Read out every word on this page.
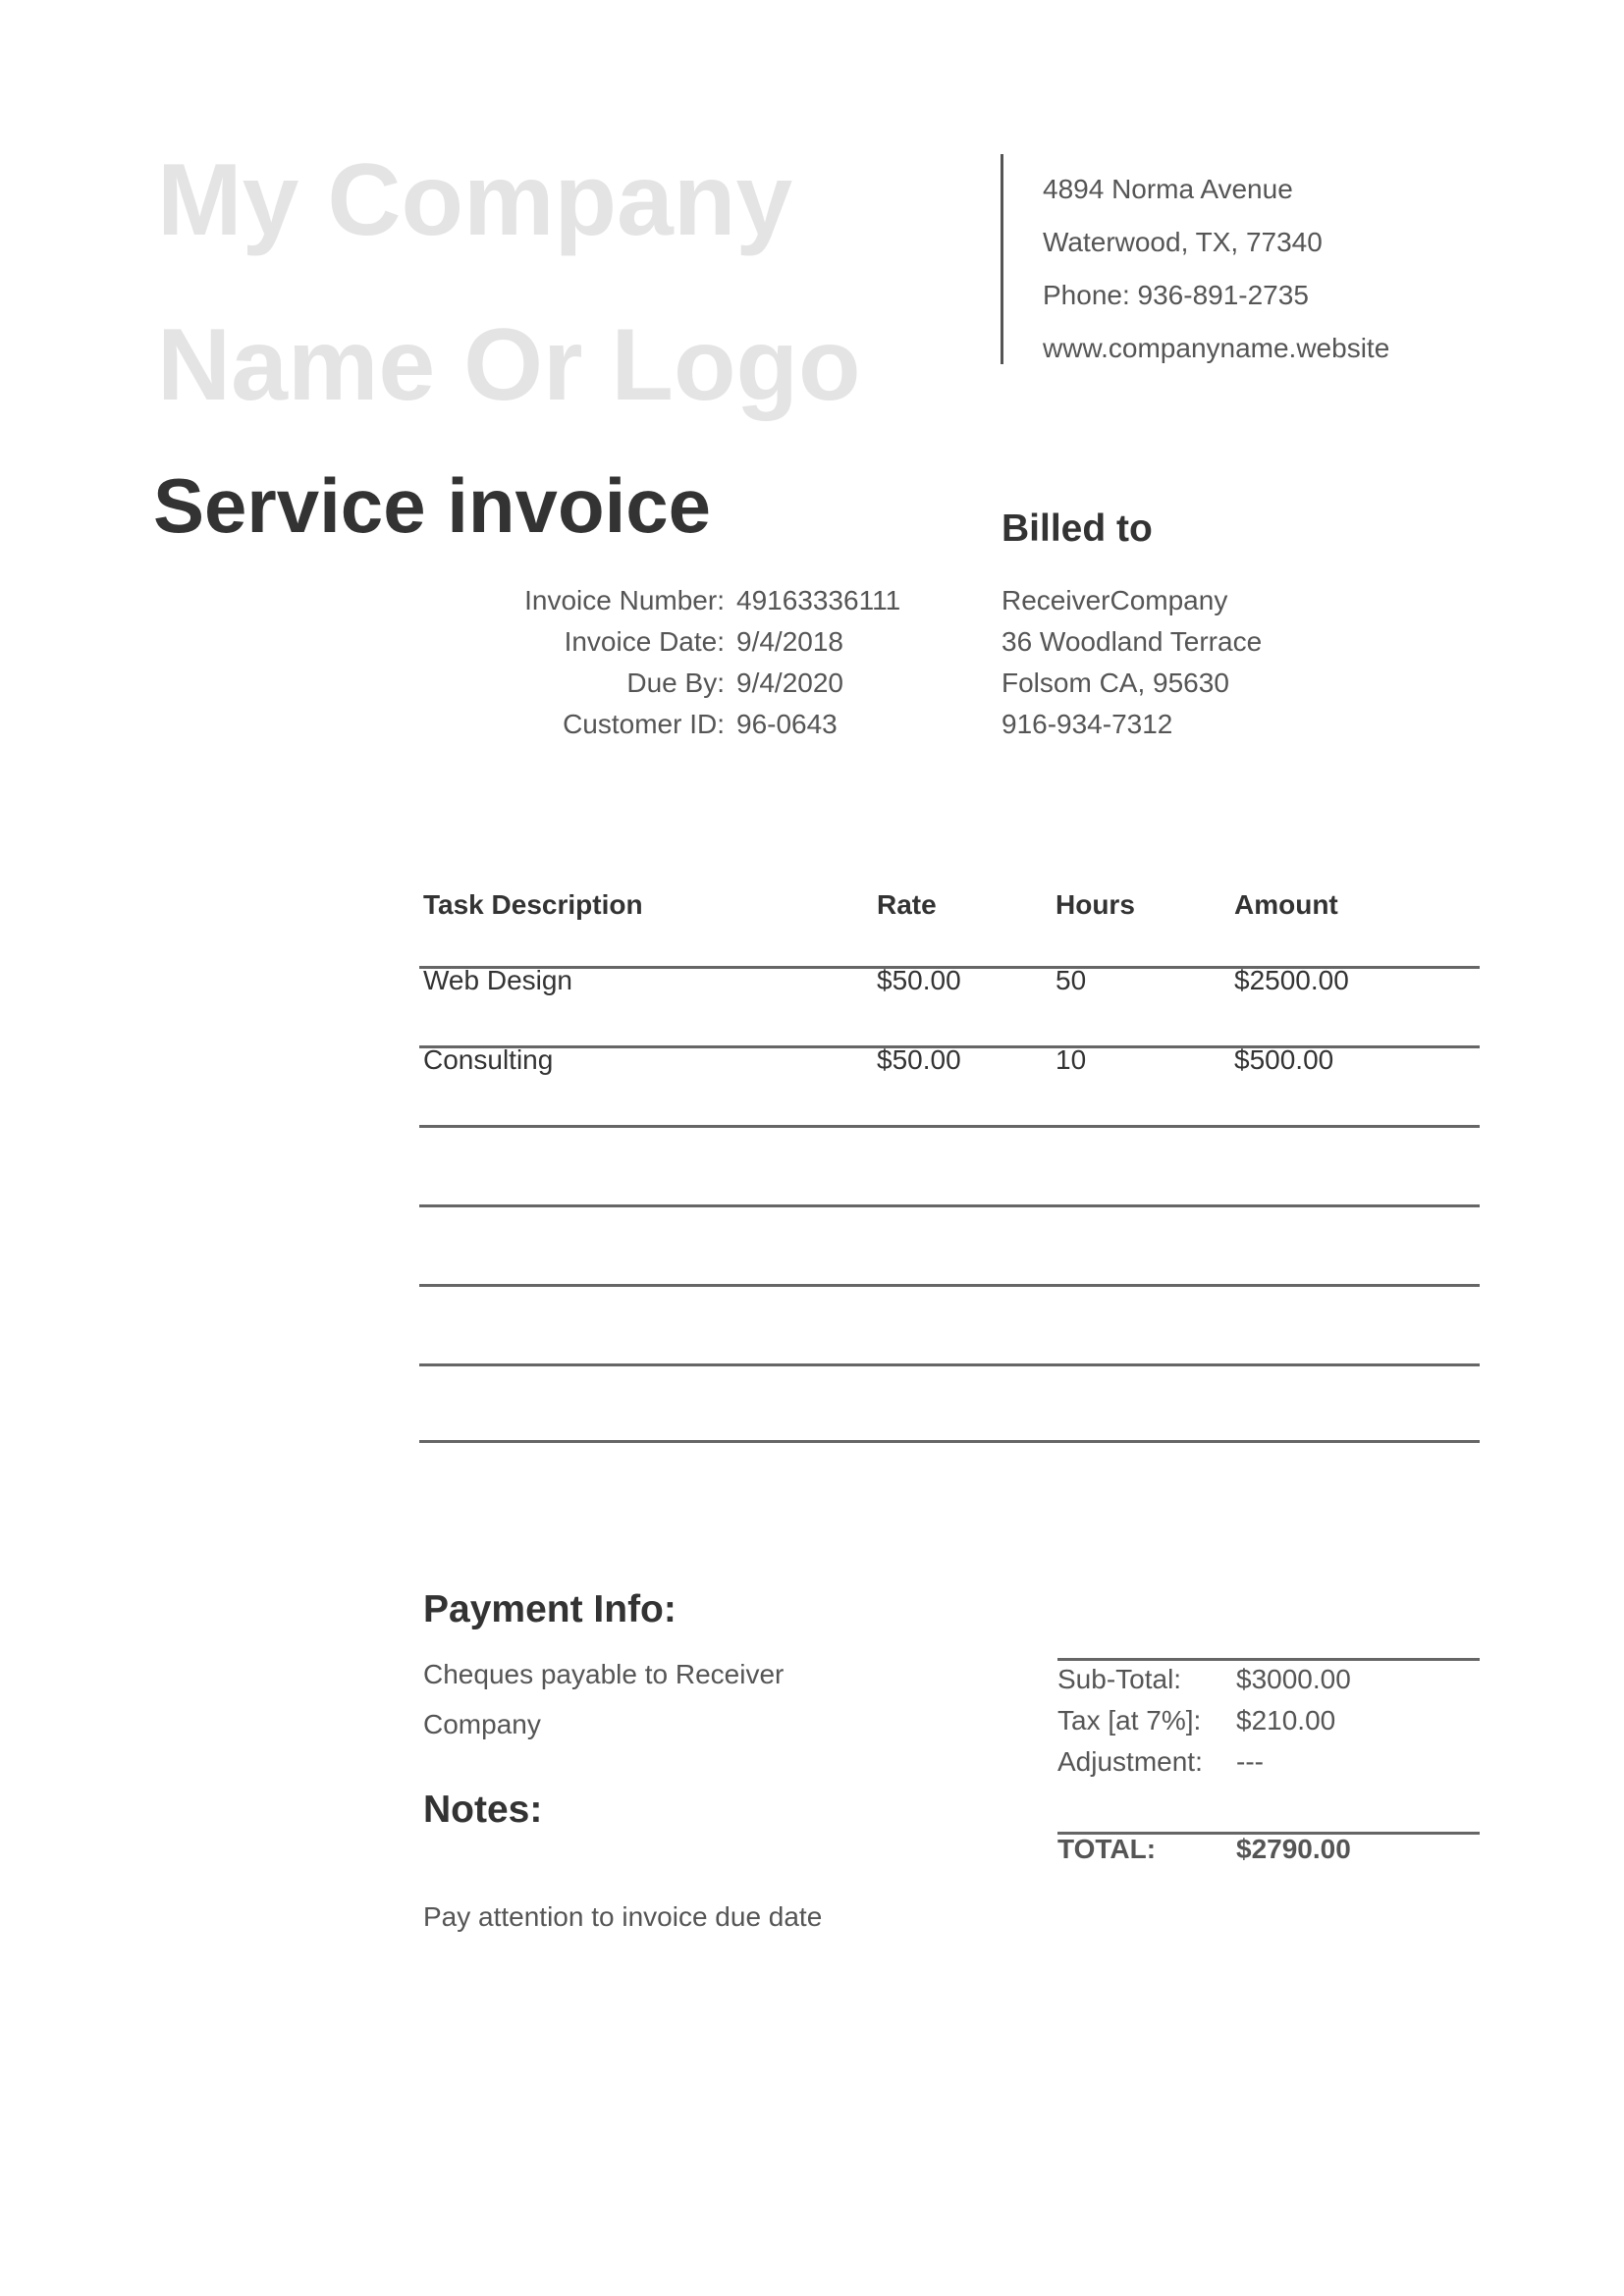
My Company
Name Or Logo
4894 Norma Avenue
Waterwood, TX, 77340
Phone: 936-891-2735
www.companyname.website
Service invoice	Billed to
ReceiverCompany
36 Woodland Terrace
Folsom CA, 95630
916-934-7312
Invoice Number: 49163336111
Invoice Date: 9/4/2018
Due By: 9/4/2020
Customer ID: 96-0643
Task Description	Rate	Hours	Amount
Web Design	$50.00	50	$2500.00
Consulting	$50.00	10	$500.00
Payment Info:
Cheques payable to Receiver Company
Notes:
Pay attention to invoice due date
Sub-Total:	$3000.00
Tax [at 7%]:	$210.00
Adjustment:	---
TOTAL:	$2790.00
